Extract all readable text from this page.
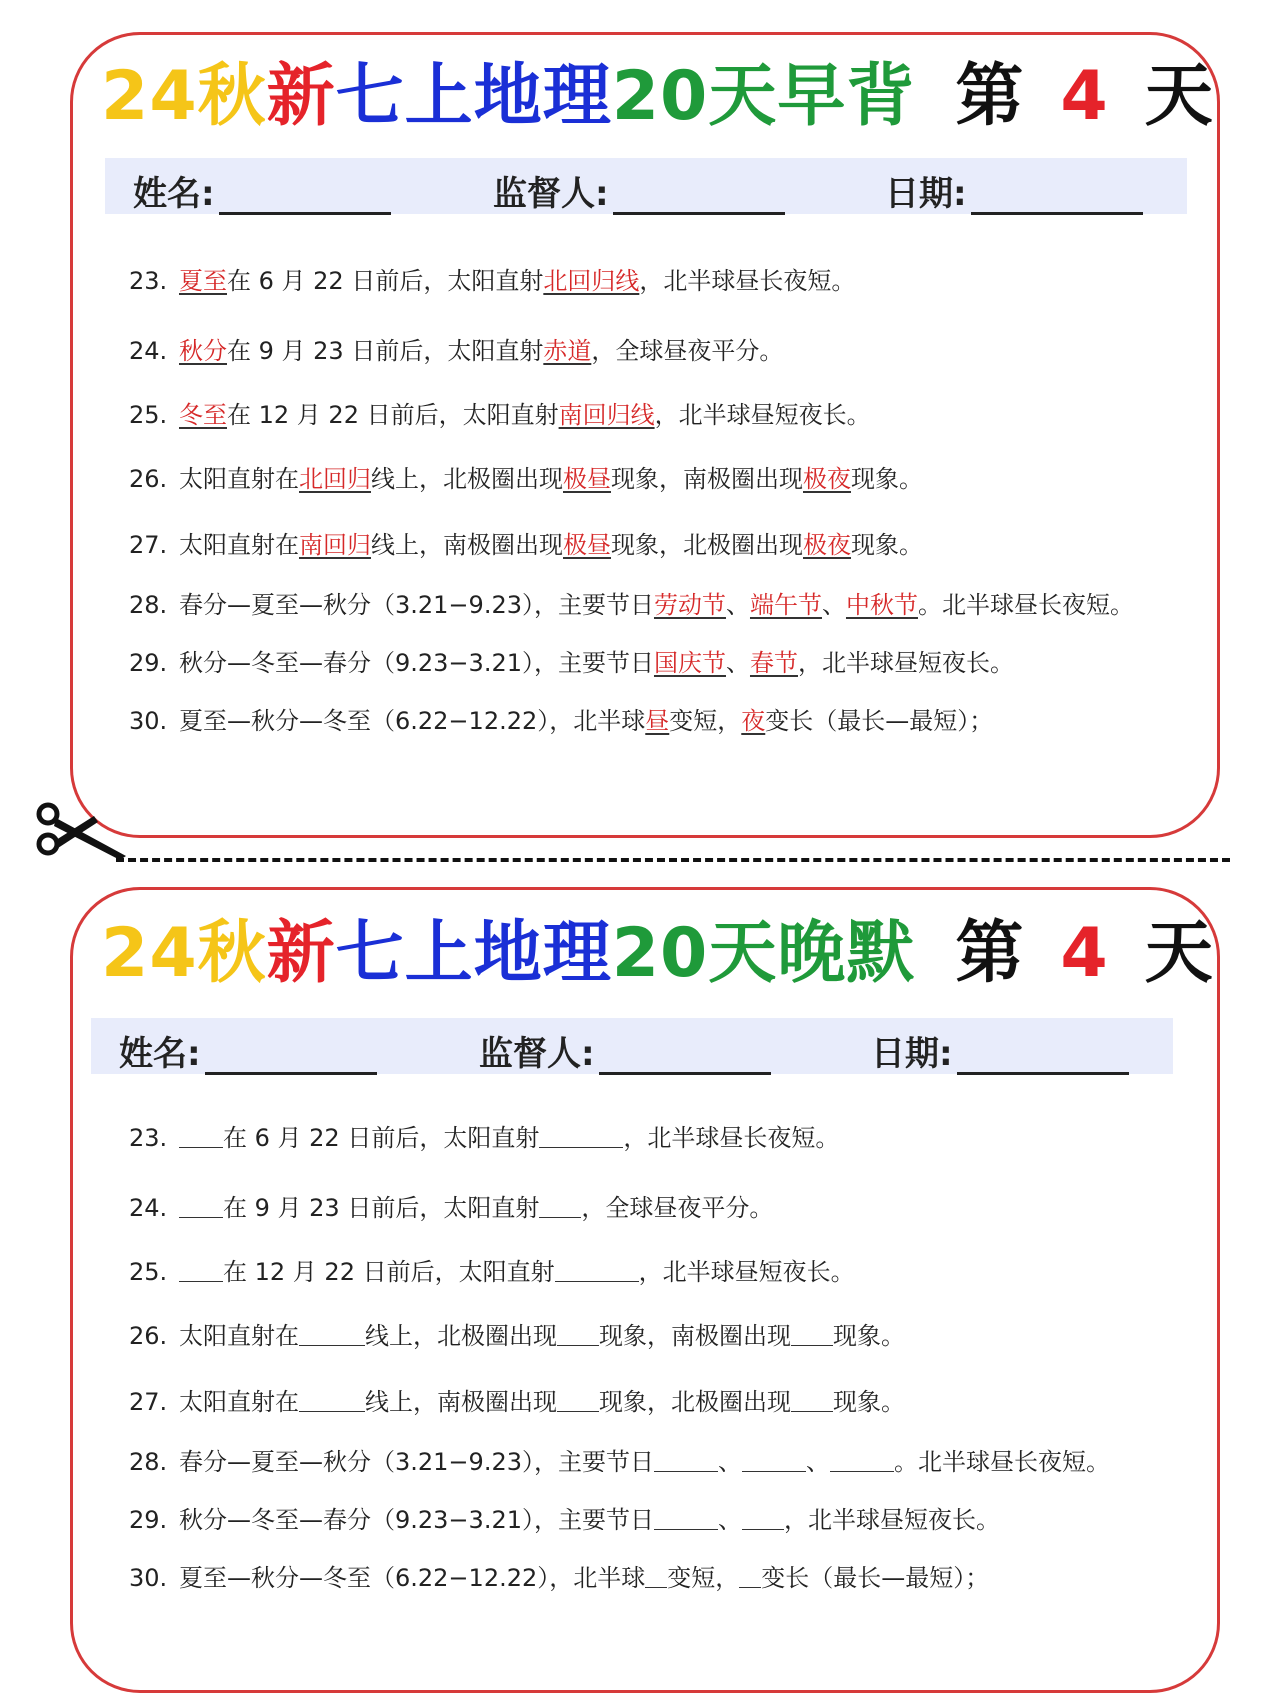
24秋新七上地理20天早背 第 4 天
姓名:	监督人:	日期:
23. 夏至在 6 月 22 日前后，太阳直射北回归线，北半球昼长夜短。
24. 秋分在 9 月 23 日前后，太阳直射赤道，全球昼夜平分。
25. 冬至在 12 月 22 日前后，太阳直射南回归线，北半球昼短夜长。
26. 太阳直射在北回归线上，北极圈出现极昼现象，南极圈出现极夜现象。
27. 太阳直射在南回归线上，南极圈出现极昼现象，北极圈出现极夜现象。
28. 春分—夏至—秋分（3.21−9.23），主要节日劳动节、端午节、中秋节。北半球昼长夜短。
29. 秋分—冬至—春分（9.23−3.21），主要节日国庆节、春节，北半球昼短夜长。
30. 夏至—秋分—冬至（6.22−12.22），北半球昼变短，夜变长（最长—最短）；
24秋新七上地理20天晚默 第 4 天
姓名:	监督人:	日期:
23. 在 6 月 22 日前后，太阳直射	，北半球昼长夜短。
24. 在 9 月 23 日前后，太阳直射 ，全球昼夜平分。
25. 在 12 月 22 日前后，太阳直射	，北半球昼短夜长。
26. 太阳直射在	线上，北极圈出现 现象，南极圈出现 现象。
27. 太阳直射在	线上，南极圈出现 现象，北极圈出现 现象。
28. 春分—夏至—秋分（3.21−9.23），主要节日	、	、	。北半球昼长夜短。
29. 秋分—冬至—春分（9.23−3.21），主要节日	、 ，北半球昼短夜长。
30. 夏至—秋分—冬至（6.22−12.22），北半球 变短， 变长（最长—最短）；
